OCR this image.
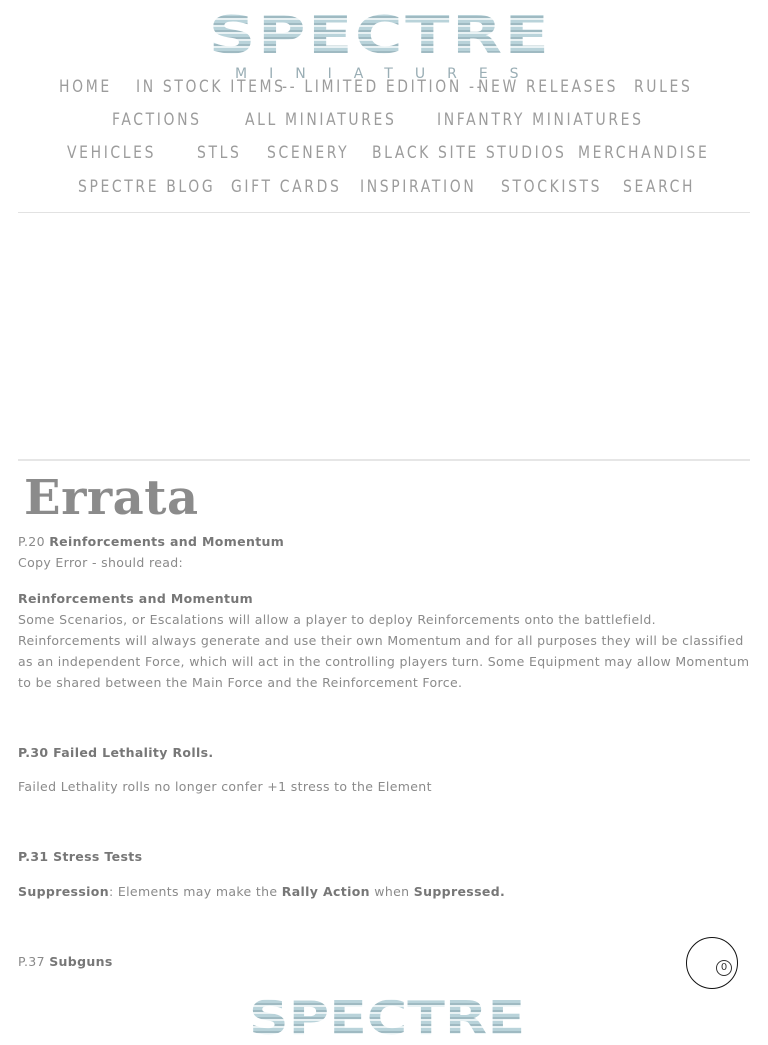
SPECTRE
MINIATURES
HOME IN STOCK ITEMS
-- LIMITED EDITION --
NEW RELEASES RULES
FACTIONS	ALL MINIATURES INFANTRY MINIATURES
VEHICLES STLS SCENERY BLACK SITE STUDIOS MERCHANDISE
SPECTRE BLOG GIFT CARDS INSPIRATION STOCKISTS SEARCH
Errata
P.20 Reinforcements and Momentum
Copy Error - should read:
Reinforcements and Momentum
Some Scenarios, or Escalations will allow a player to deploy Reinforcements onto the battlefield. Reinforcements will always generate and use their own Momentum and for all purposes they will be classified as an independent Force, which will act in the controlling players turn. Some Equipment may allow Momentum to be shared between the Main Force and the Reinforcement Force.
P.30 Failed Lethality Rolls.
Failed Lethality rolls no longer confer +1 stress to the Element
P.31 Stress Tests
Suppression: Elements may make the Rally Action when Suppressed.
P.37 Subguns	0
SPECTRE
